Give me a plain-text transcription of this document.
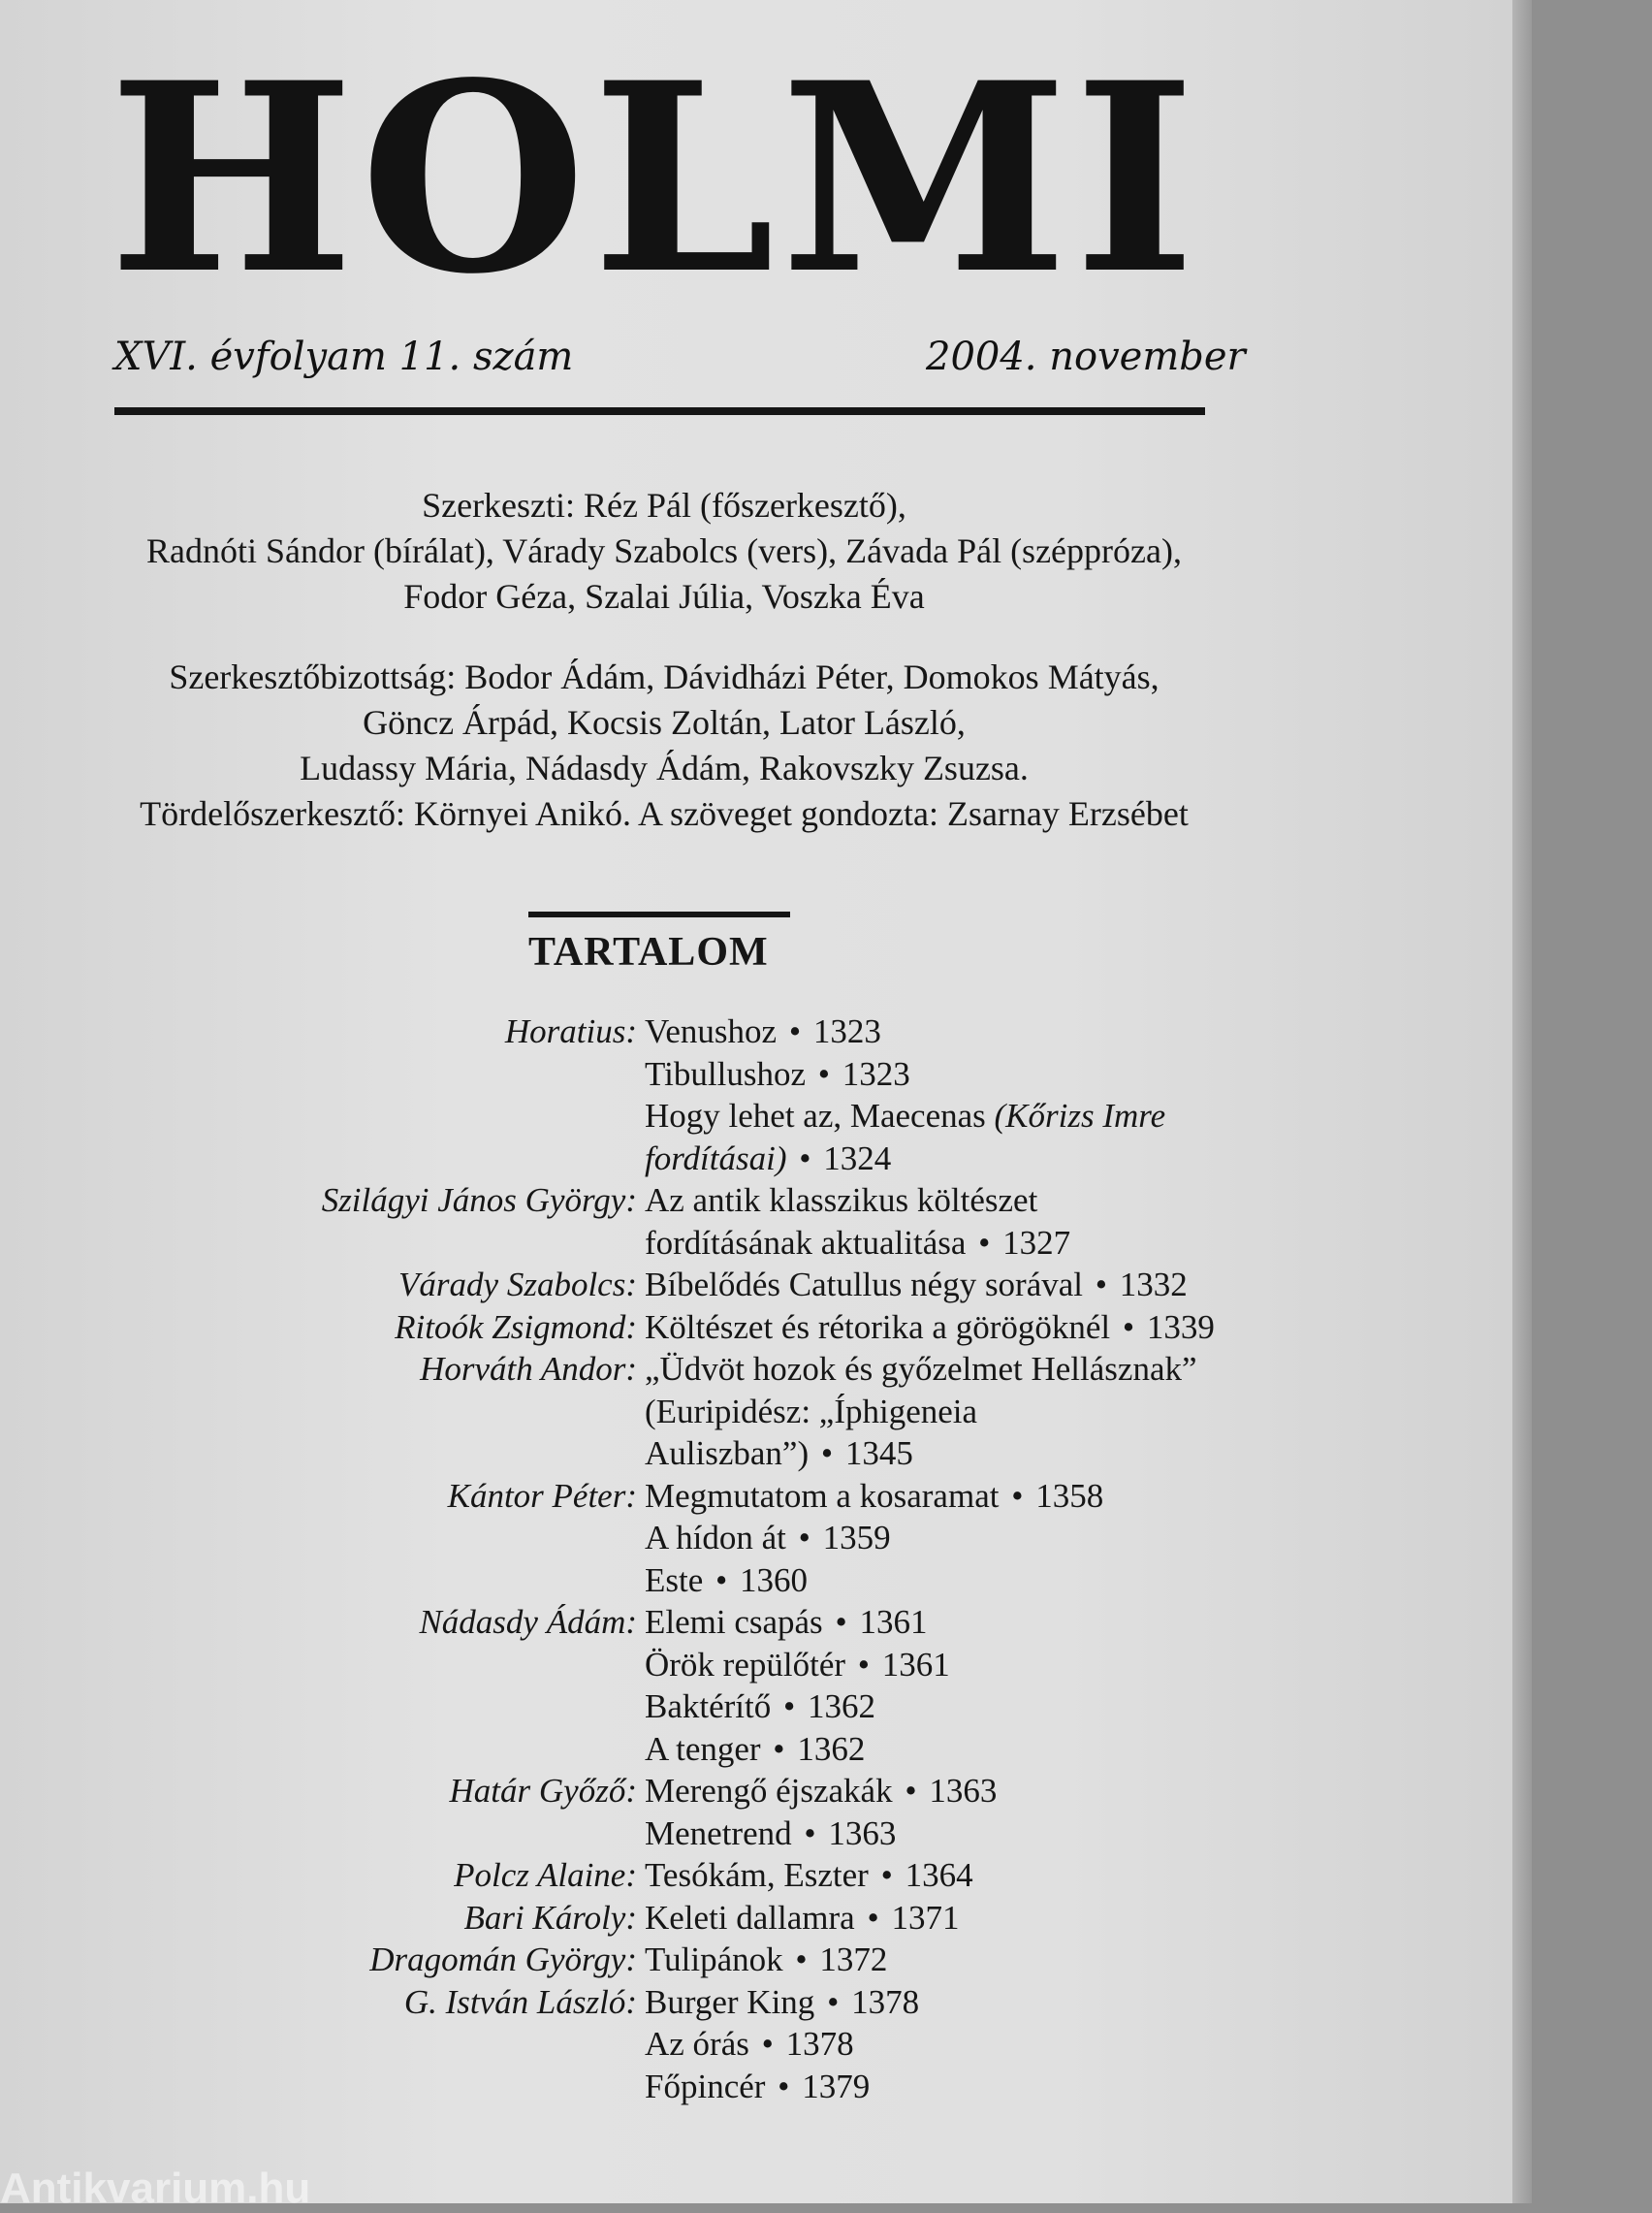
HOLMI
XVI. évfolyam 11. szám	2004. november
Szerkeszti: Réz Pál (főszerkesztő),
Radnóti Sándor (bírálat), Várady Szabolcs (vers), Závada Pál (széppróza),
Fodor Géza, Szalai Júlia, Voszka Éva
Szerkesztőbizottság: Bodor Ádám, Dávidházi Péter, Domokos Mátyás,
Göncz Árpád, Kocsis Zoltán, Lator László,
Ludassy Mária, Nádasdy Ádám, Rakovszky Zsuzsa.
Tördelőszerkesztő: Környei Anikó. A szöveget gondozta: Zsarnay Erzsébet
TARTALOM
Horatius: Venushoz • 1323
Tibullushoz • 1323
Hogy lehet az, Maecenas (Kőrizs Imre
fordításai) • 1324
Szilágyi János György: Az antik klasszikus költészet
fordításának aktualitása • 1327
Várady Szabolcs: Bíbelődés Catullus négy sorával • 1332
Ritoók Zsigmond: Költészet és rétorika a görögöknél • 1339
Horváth Andor: „Üdvöt hozok és győzelmet Hellásznak”
(Euripidész: „Íphigeneia
Auliszban”) • 1345
Kántor Péter: Megmutatom a kosaramat • 1358
A hídon át • 1359
Este • 1360
Nádasdy Ádám: Elemi csapás • 1361
Örök repülőtér • 1361
Baktérítő • 1362
A tenger • 1362
Határ Győző: Merengő éjszakák • 1363
Menetrend • 1363
Polcz Alaine: Tesókám, Eszter • 1364
Bari Károly: Keleti dallamra • 1371
Dragomán György: Tulipánok • 1372
G. István László: Burger King • 1378
Az órás • 1378
Főpincér • 1379
Antikvarium.hu
